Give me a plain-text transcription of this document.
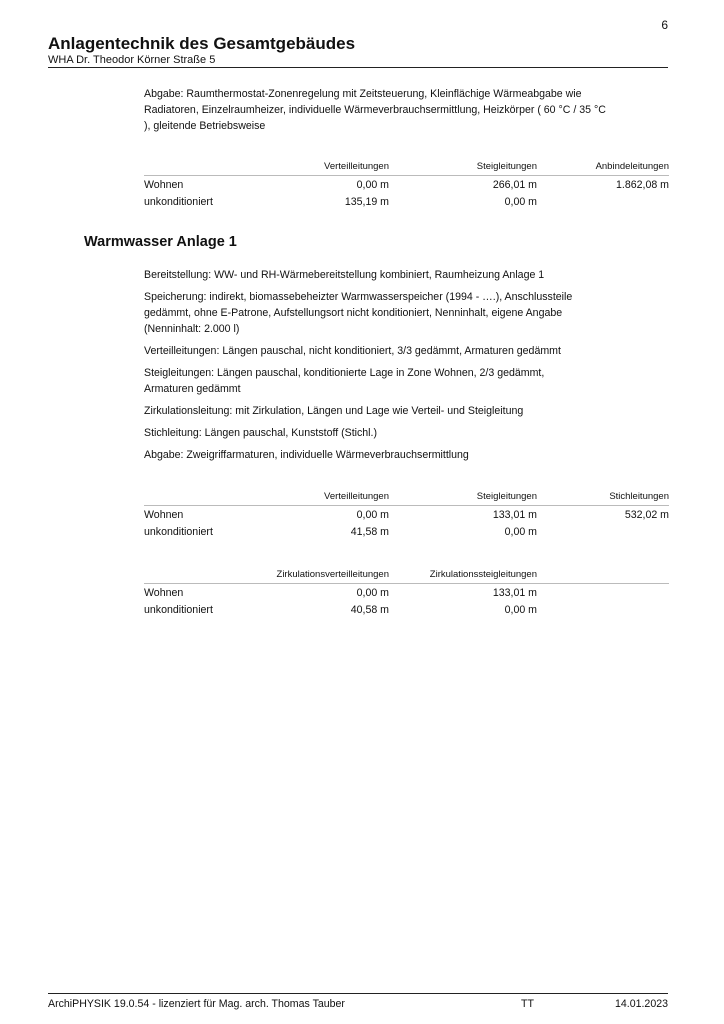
6
Anlagentechnik des Gesamtgebäudes
WHA Dr. Theodor Körner Straße 5
Abgabe: Raumthermostat-Zonenregelung mit Zeitsteuerung, Kleinflächige Wärmeabgabe wie Radiatoren, Einzelraumheizer, individuelle Wärmeverbrauchsermittlung, Heizkörper ( 60 °C / 35 °C ), gleitende Betriebsweise
	Verteilleitungen	Steigleitungen	Anbindeleitungen
Wohnen	0,00 m	266,01 m	1.862,08 m
unkonditioniert	135,19 m	0,00 m	
Warmwasser Anlage 1
Bereitstellung: WW- und RH-Wärmebereitstellung kombiniert, Raumheizung Anlage 1
Speicherung: indirekt, biomassebeheizter Warmwasserspeicher (1994 - ….), Anschlussteile gedämmt, ohne E-Patrone, Aufstellungsort nicht konditioniert, Nenninhalt, eigene Angabe (Nenninhalt: 2.000 l)
Verteilleitungen: Längen pauschal, nicht konditioniert, 3/3 gedämmt, Armaturen gedämmt
Steigleitungen: Längen pauschal, konditionierte Lage in Zone Wohnen, 2/3 gedämmt, Armaturen gedämmt
Zirkulationsleitung: mit Zirkulation, Längen und Lage wie Verteil- und Steigleitung
Stichleitung: Längen pauschal, Kunststoff (Stichl.)
Abgabe: Zweigriffarmaturen, individuelle Wärmeverbrauchsermittlung
	Verteilleitungen	Steigleitungen	Stichleitungen
Wohnen	0,00 m	133,01 m	532,02 m
unkonditioniert	41,58 m	0,00 m	
	Zirkulationsverteilleitungen	Zirkulationssteigleitungen	
Wohnen	0,00 m	133,01 m	
unkonditioniert	40,58 m	0,00 m	
ArchiPHYSIK 19.0.54 - lizenziert für Mag. arch. Thomas Tauber	TT	14.01.2023
